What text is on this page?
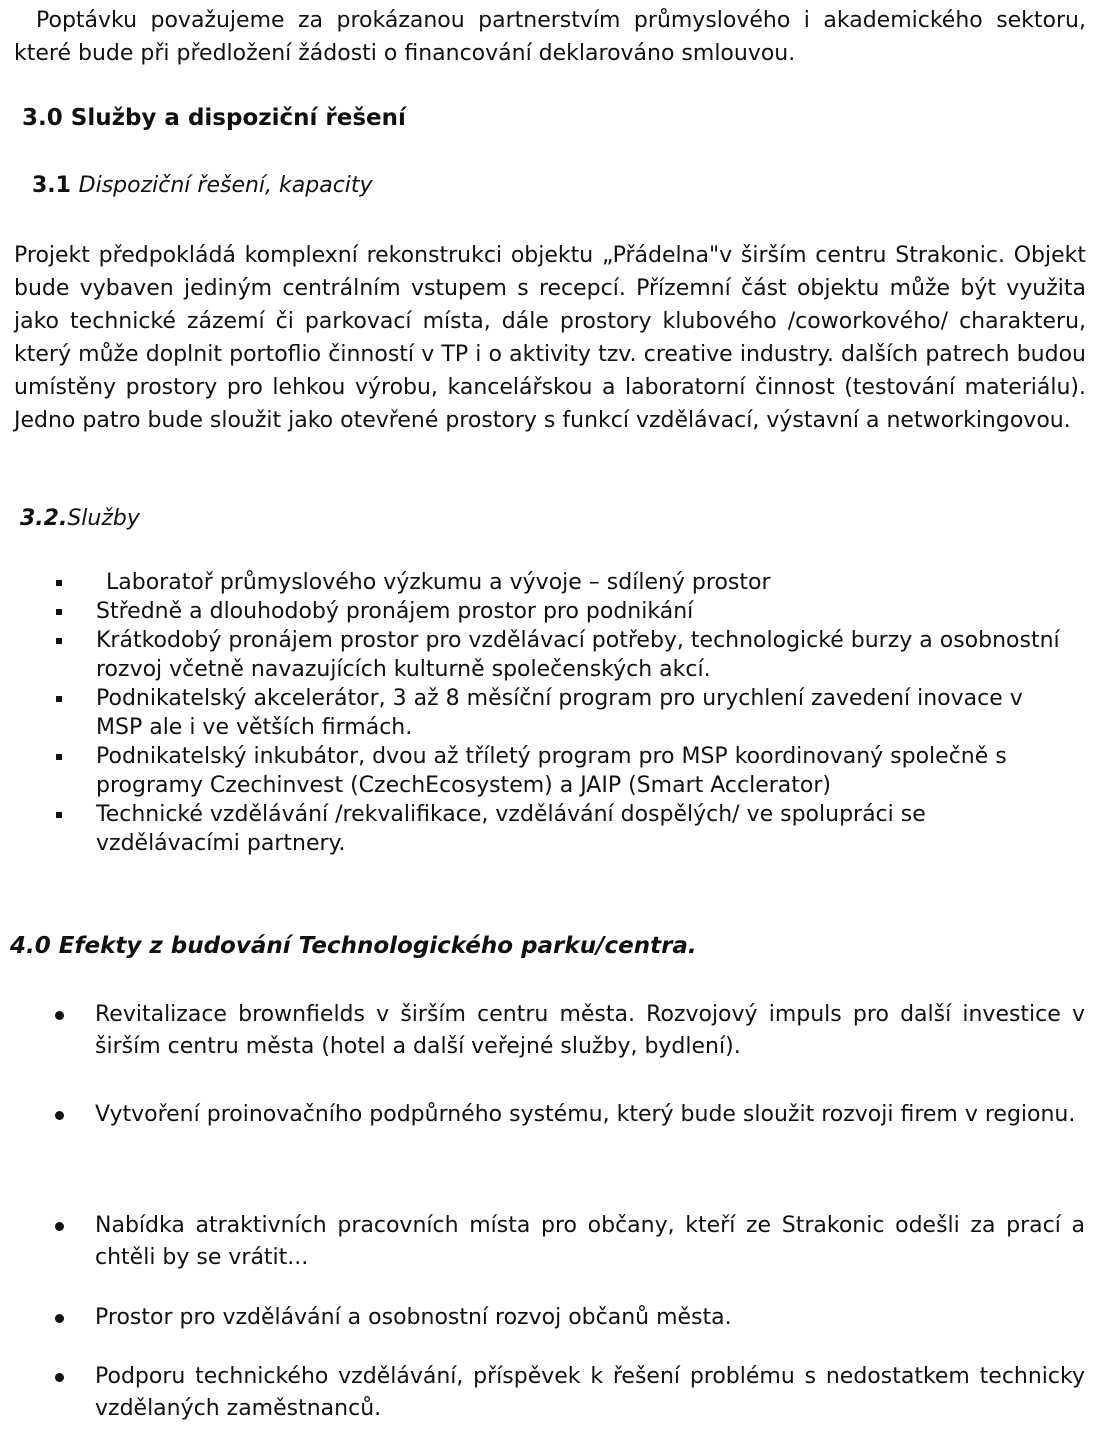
Poptávku považujeme za prokázanou partnerstvím průmyslového i akademického sektoru, které bude při předložení žádosti o financování deklarováno smlouvou.

3.0 Služby a dispoziční řešení
3.1 Dispoziční řešení, kapacity

Projekt předpokládá komplexní rekonstrukci objektu „Přádelna"v širším centru Strakonic. Objekt bude vybaven jediným centrálním vstupem s recepcí. Přízemní část objektu může být využita jako technické zázemí či parkovací místa, dále prostory klubového /coworkového/ charakteru, který může doplnit portoflio činností v TP i o aktivity tzv. creative industry. dalších patrech budou umístěny prostory pro lehkou výrobu, kancelářskou a laboratorní činnost (testování materiálu). Jedno patro bude sloužit jako otevřené prostory s funkcí vzdělávací, výstavní a networkingovou.

3.2.Služby
Laboratoř průmyslového výzkumu a vývoje – sdílený prostor
Středně a dlouhodobý pronájem prostor pro podnikání
Krátkodobý pronájem prostor pro vzdělávací potřeby, technologické burzy a osobnostní rozvoj včetně navazujících kulturně společenských akcí.
Podnikatelský akcelerátor, 3 až 8 měsíční program pro urychlení zavedení inovace v MSP ale i ve větších firmách.
Podnikatelský inkubátor, dvou až tříletý program pro MSP koordinovaný společně s programy Czechinvest (CzechEcosystem) a JAIP (Smart Acclerator)
Technické vzdělávání /rekvalifikace, vzdělávání dospělých/ ve spolupráci se vzdělávacími partnery.
4.0 Efekty z budování Technologického parku/centra.
Revitalizace brownfields v širším centru města. Rozvojový impuls pro další investice v širším centru města (hotel a další veřejné služby, bydlení).
Vytvoření proinovačního podpůrného systému, který bude sloužit rozvoji firem v regionu.
Nabídka atraktivních pracovních místa pro občany, kteří ze Strakonic odešli za prací a chtěli by se vrátit...
Prostor pro vzdělávání a osobnostní rozvoj občanů města.
Podporu technického vzdělávání, příspěvek k řešení problému s nedostatkem technicky vzdělaných zaměstnanců.
